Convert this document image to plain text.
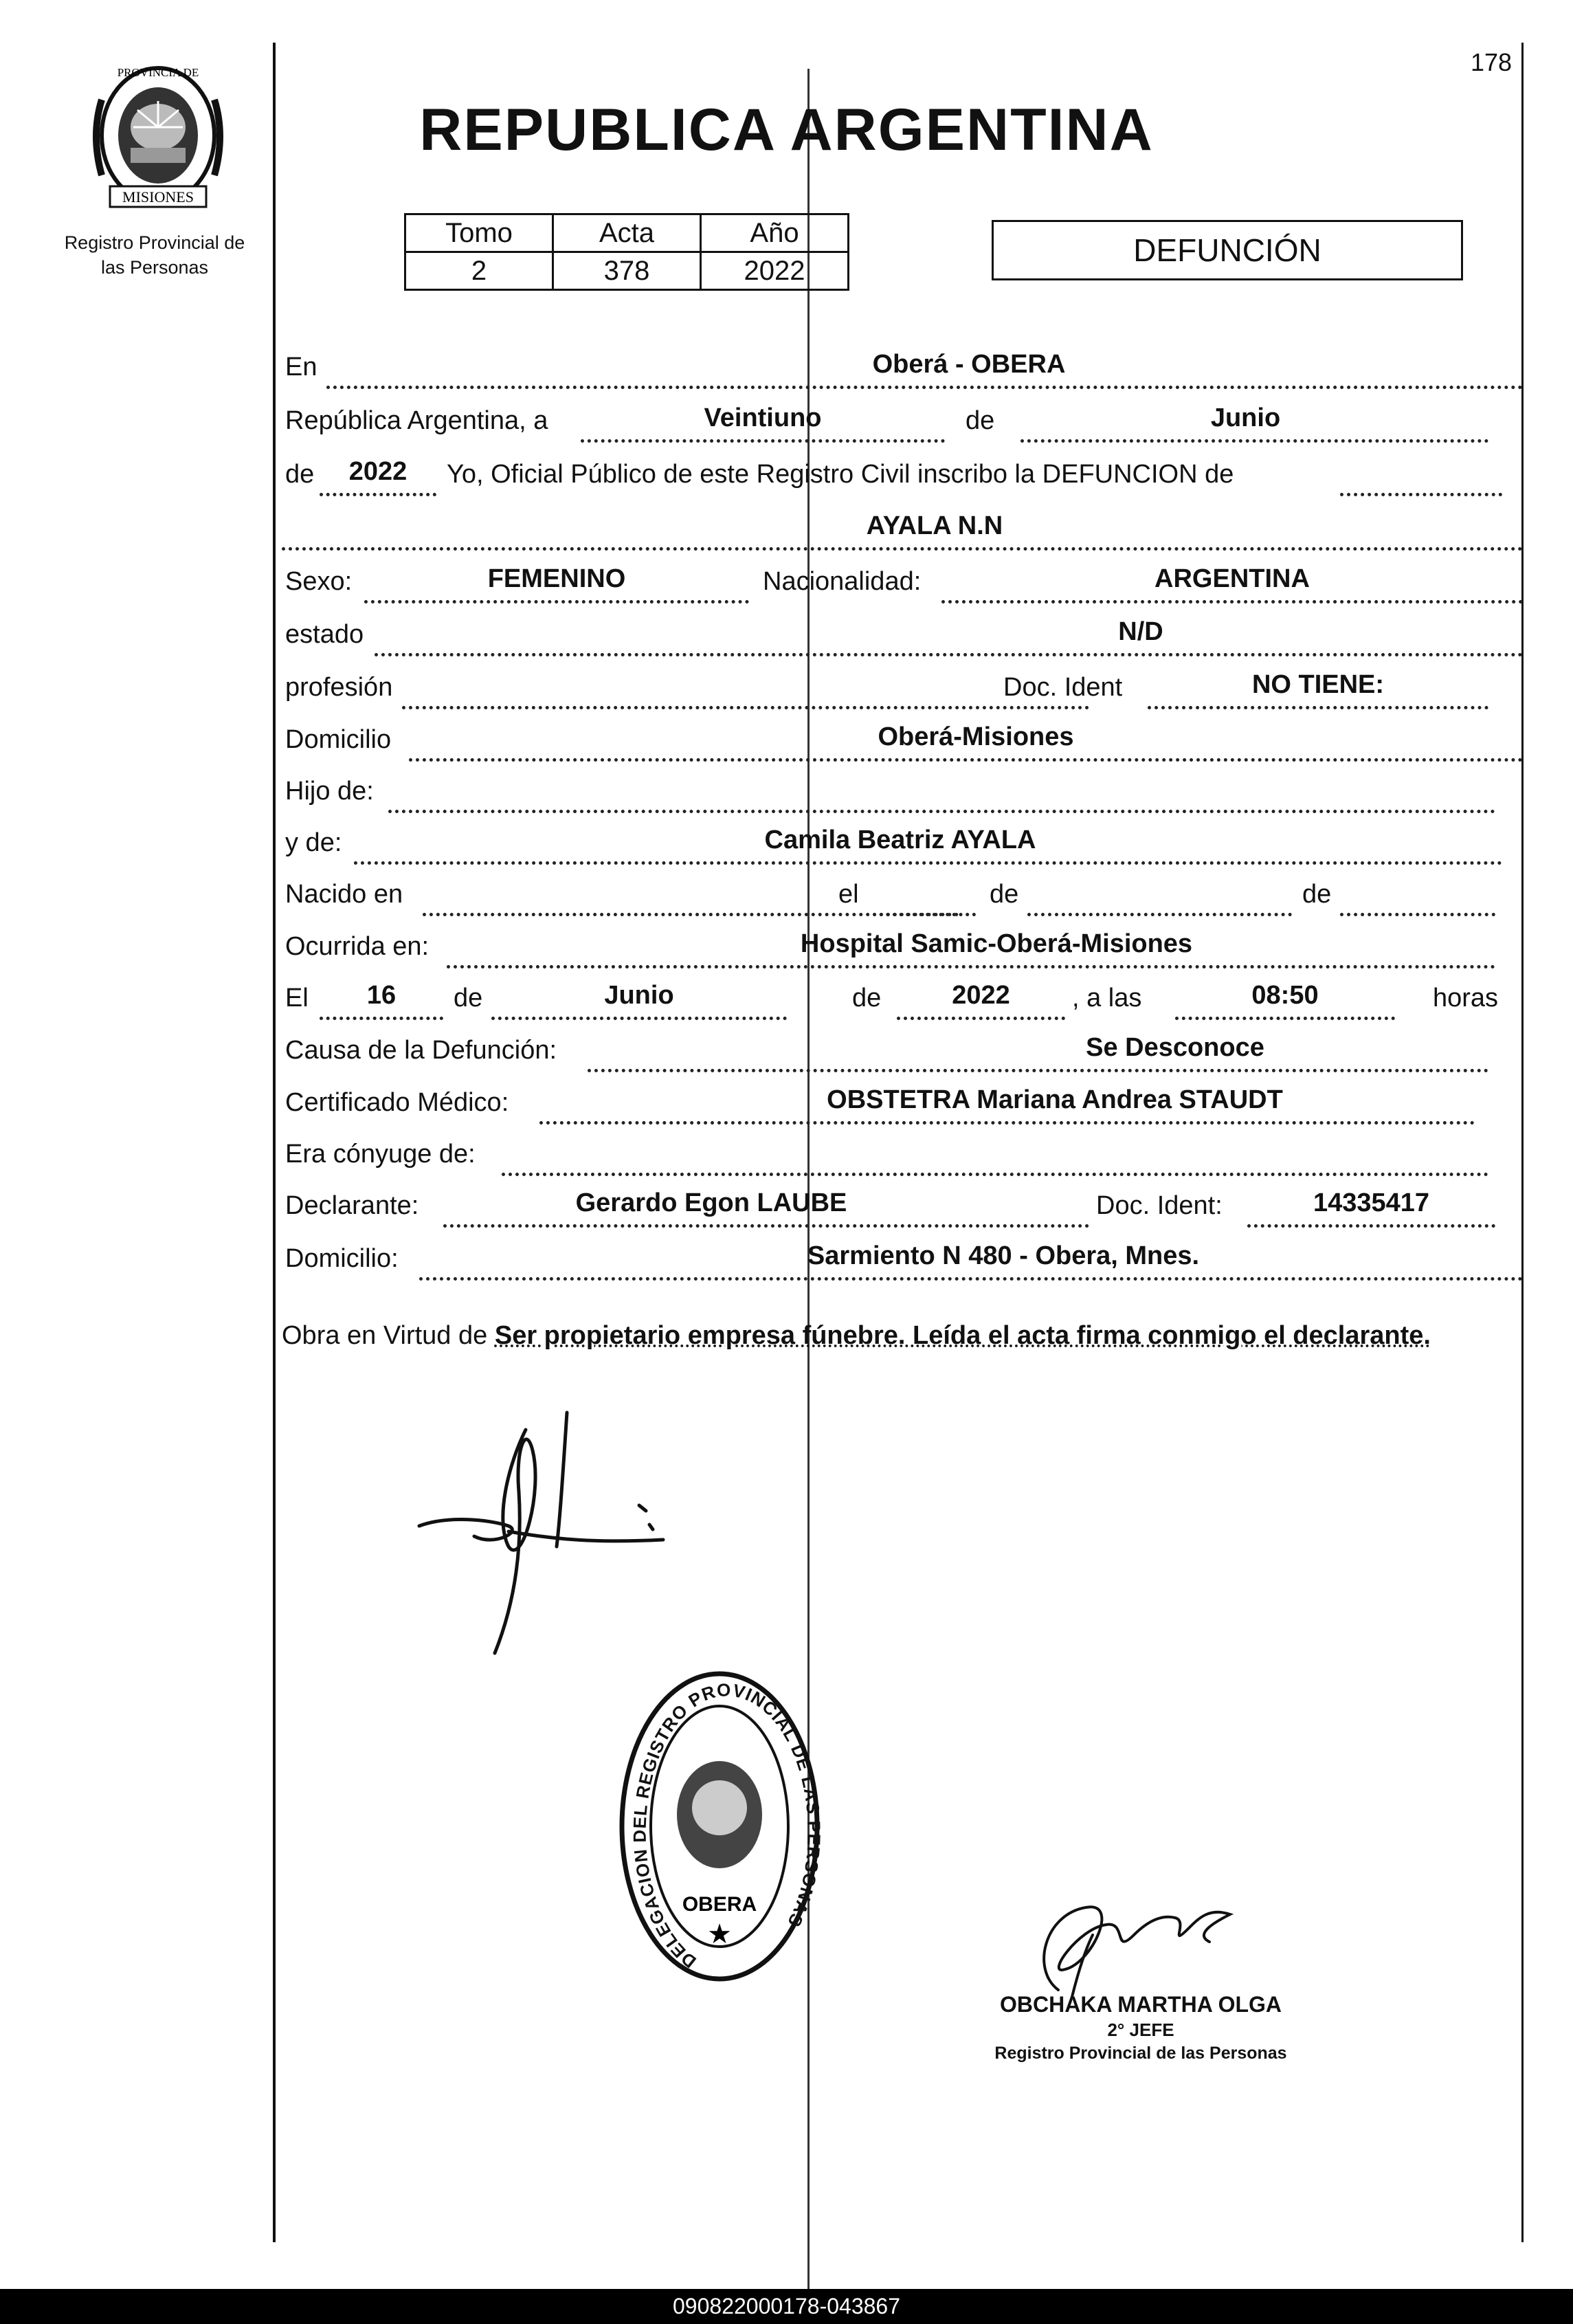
178
PROVINCIA DE
MISIONES
Registro Provincial de
las Personas
REPUBLICA ARGENTINA
Tomo	Acta	Año
2	378	2022
DEFUNCIÓN
En	Oberá - OBERA
República Argentina, a	Veintiuno	de	Junio
de	2022	Yo, Oficial Público de este Registro Civil inscribo la DEFUNCION de
AYALA N.N
Sexo:	FEMENINO	Nacionalidad:	ARGENTINA
estado	N/D
profesión	Doc. Ident	NO TIENE:
Domicilio	Oberá-Misiones
Hijo de:
y de:	Camila Beatriz AYALA
Nacido en	el	de	de
Ocurrida en:	Hospital Samic-Oberá-Misiones
El	16	de	Junio	de	2022	, a las	08:50	horas
Causa de la Defunción:	Se Desconoce
Certificado Médico:	OBSTETRA Mariana Andrea STAUDT
Era cónyuge de:
Declarante:	Gerardo Egon LAUBE	Doc. Ident:	14335417
Domicilio:	Sarmiento N 480 - Obera, Mnes.
Obra en Virtud de Ser propietario empresa fúnebre. Leída el acta firma conmigo el declarante.
DELEGACION DEL REGISTRO PROVINCIAL DE LAS PERSONAS
OBERA
★
OBCHAKA MARTHA OLGA
2° JEFE
Registro Provincial de las Personas
090822000178-043867
